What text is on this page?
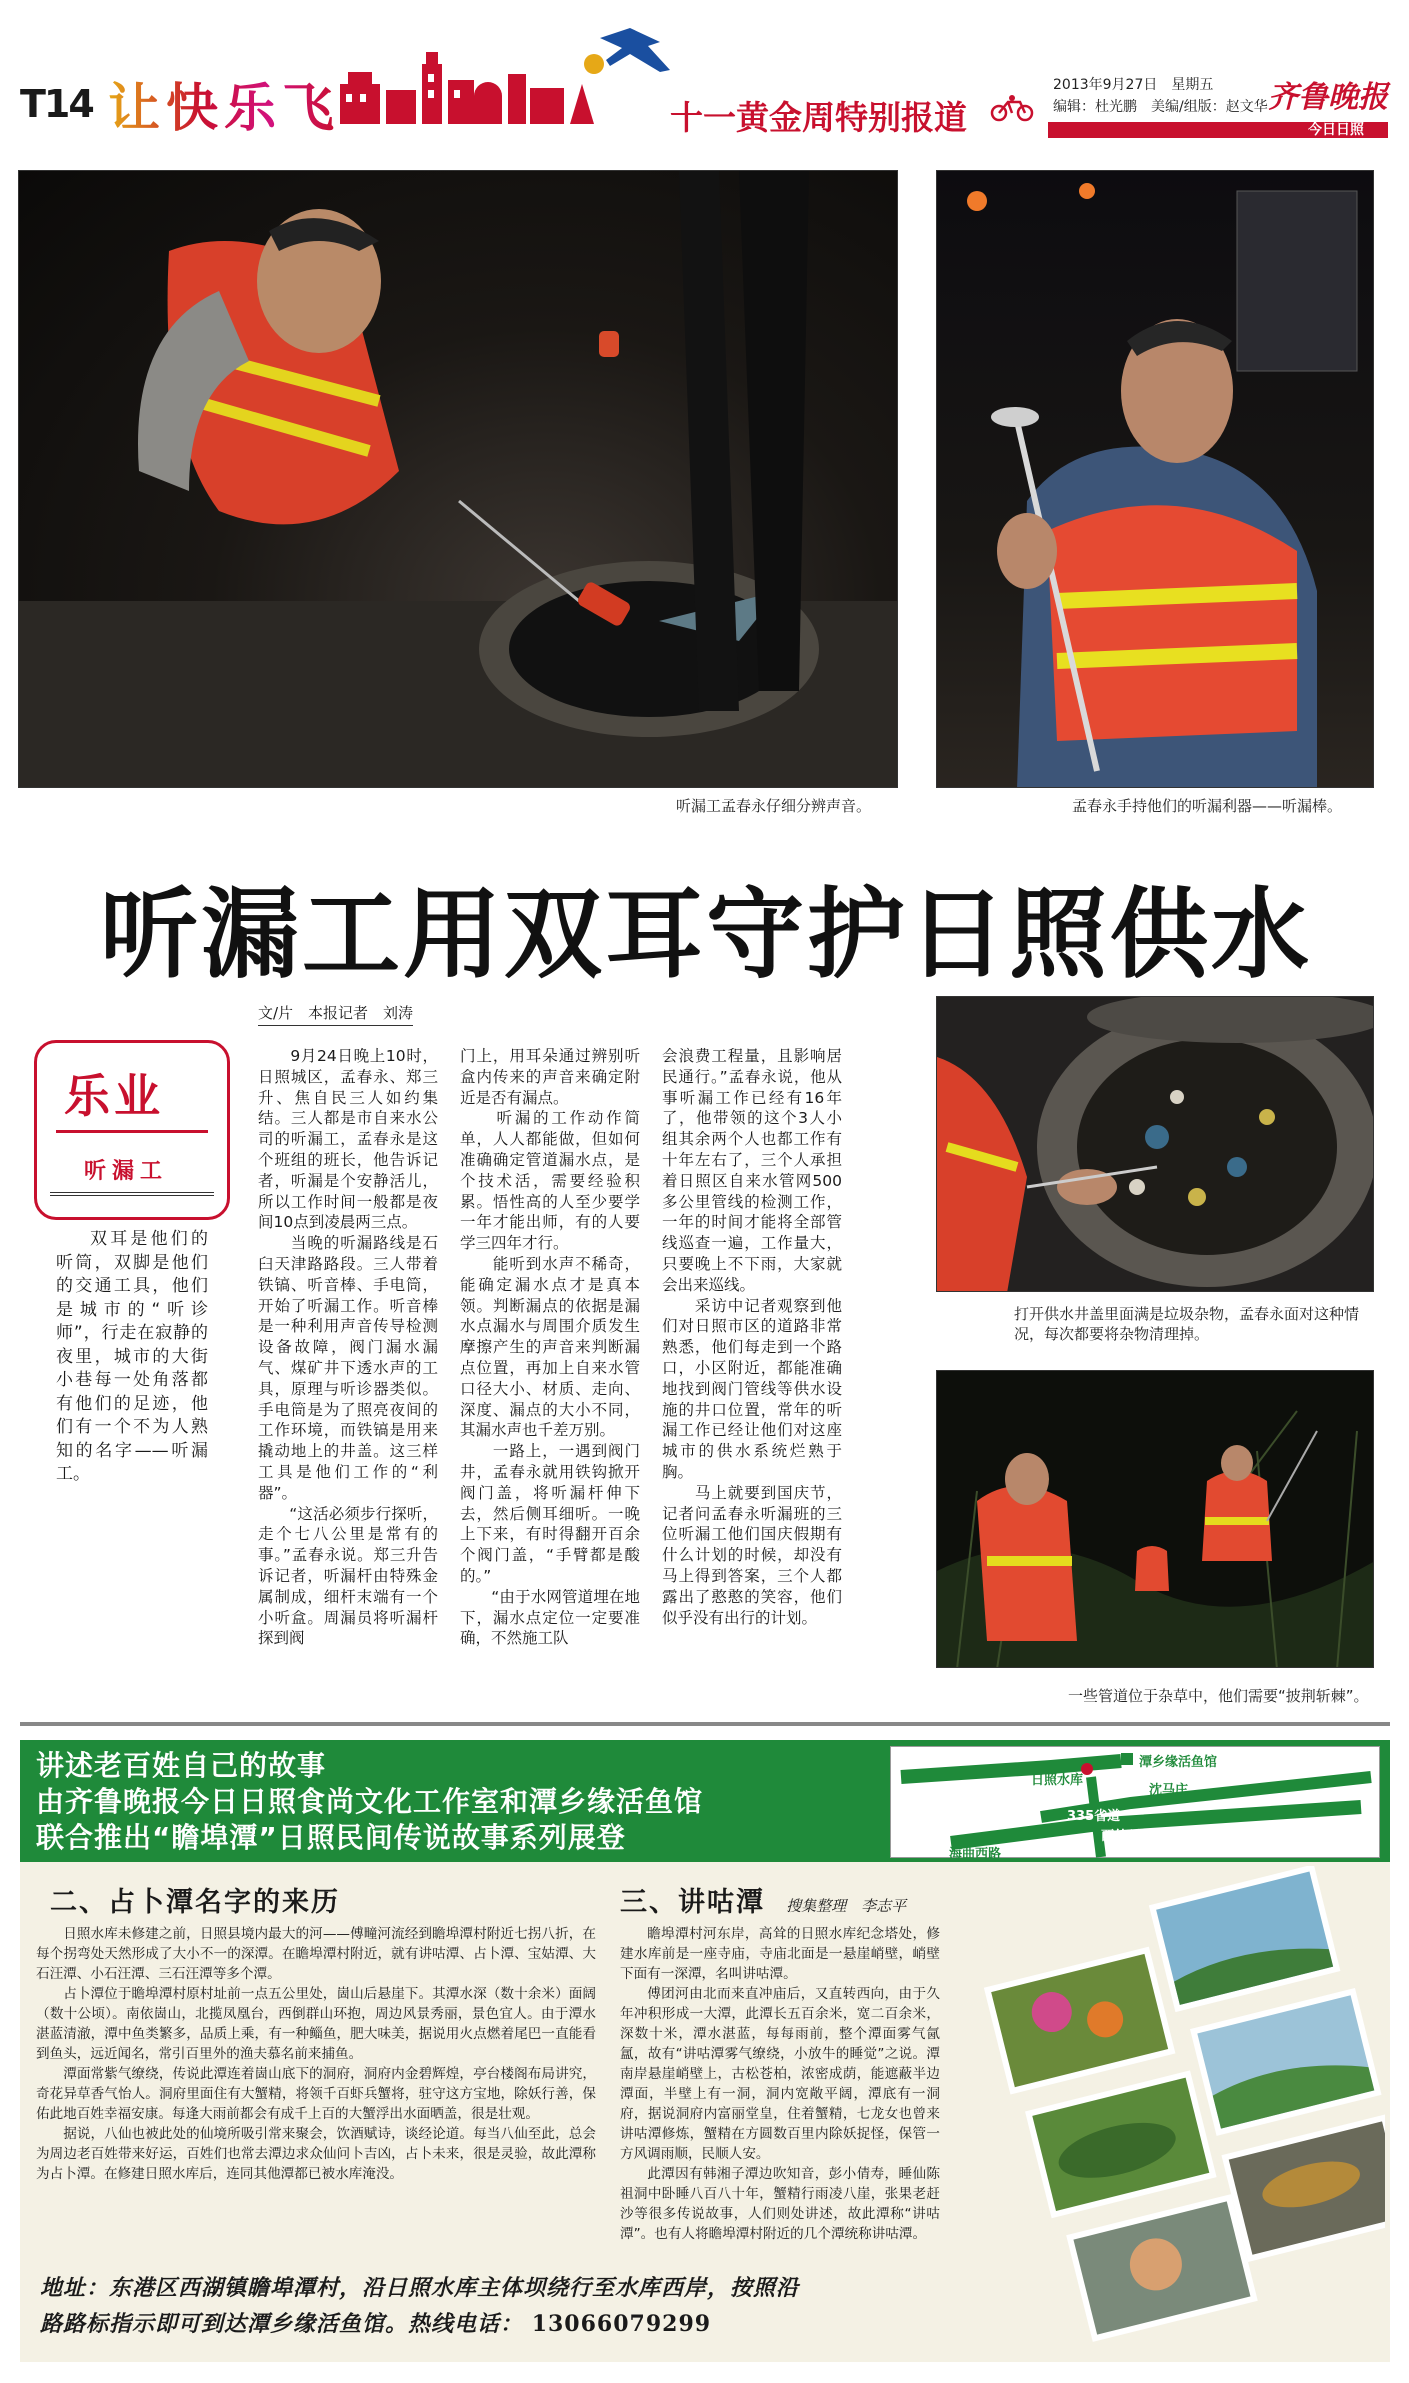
T14 让快乐飞	十一黄金周特别报道
2013年9月27日　星期五
编辑：杜光鹏　美编/组版：赵文华 齐鲁晚报
今日日照
听漏工孟春永仔细分辨声音。	孟春永手持他们的听漏利器——听漏棒。
听漏工用双耳守护日照供水
文/片　本报记者　刘涛
乐业
听漏工
双耳是他们的听筒，双脚是他们的交通工具，他们是城市的“听诊师”，行走在寂静的夜里，城市的大街小巷每一处角落都有他们的足迹，他们有一个不为人熟知的名字——听漏工。
　　9月24日晚上10时，日照城区，孟春永、郑三升、焦自民三人如约集结。三人都是市自来水公司的听漏工，孟春永是这个班组的班长，他告诉记者，听漏是个安静活儿，所以工作时间一般都是夜间10点到凌晨两三点。
　　当晚的听漏路线是石臼天津路路段。三人带着铁镐、听音棒、手电筒，开始了听漏工作。听音棒是一种利用声音传导检测设备故障，阀门漏水漏气、煤矿井下透水声的工具，原理与听诊器类似。手电筒是为了照亮夜间的工作环境，而铁镐是用来撬动地上的井盖。这三样工具是他们工作的“利器”。
　　“这活必须步行探听，走个七八公里是常有的事。”孟春永说。郑三升告诉记者，听漏杆由特殊金属制成，细杆末端有一个小听盒。周漏员将听漏杆探到阀
门上，用耳朵通过辨别听盒内传来的声音来确定附近是否有漏点。
　　听漏的工作动作简单，人人都能做，但如何准确确定管道漏水点，是个技术活，需要经验积累。悟性高的人至少要学一年才能出师，有的人要学三四年才行。
　　能听到水声不稀奇，能确定漏水点才是真本领。判断漏点的依据是漏水点漏水与周围介质发生摩擦产生的声音来判断漏点位置，再加上自来水管口径大小、材质、走向、深度、漏点的大小不同，其漏水声也千差万别。
　　一路上，一遇到阀门井，孟春永就用铁钩掀开阀门盖，将听漏杆伸下去，然后侧耳细听。一晚上下来，有时得翻开百余个阀门盖，“手臂都是酸的。”
　　“由于水网管道埋在地下，漏水点定位一定要准确，不然施工队
会浪费工程量，且影响居民通行。”孟春永说，他从事听漏工作已经有16年了，他带领的这个3人小组其余两个人也都工作有十年左右了，三个人承担着日照区自来水管网500多公里管线的检测工作，一年的时间才能将全部管线巡查一遍，工作量大，只要晚上不下雨，大家就会出来巡线。
　　采访中记者观察到他们对日照市区的道路非常熟悉，他们每走到一个路口，小区附近，都能准确地找到阀门管线等供水设施的井口位置，常年的听漏工作已经让他们对这座城市的供水系统烂熟于胸。
　　马上就要到国庆节，记者问孟春永听漏班的三位听漏工他们国庆假期有什么计划的时候，却没有马上得到答案，三个人都露出了憨憨的笑容，他们似乎没有出行的计划。
打开供水井盖里面满是垃圾杂物，孟春永面对这种情况，每次都要将杂物清理掉。
一些管道位于杂草中，他们需要“披荆斩棘”。
讲述老百姓自己的故事
由齐鲁晚报今日日照食尚文化工作室和潭乡缘活鱼馆
联合推出“瞻埠潭”日照民间传说故事系列展登
日照水库
潭乡缘活鱼馆
沈马庄
335省道
西外环路
海曲西路
二、占卜潭名字的来历

日照水库未修建之前，日照县境内最大的河——傅疃河流经到瞻埠潭村附近七拐八折，在每个拐弯处天然形成了大小不一的深潭。在瞻埠潭村附近，就有讲咕潭、占卜潭、宝姑潭、大石汪潭、小石汪潭、三石汪潭等多个潭。

占卜潭位于瞻埠潭村原村址前一点五公里处，崮山后悬崖下。其潭水深（数十余米）面阔（数十公顷）。南依崮山，北揽凤凰台，西倒群山环抱，周边风景秀丽，景色宜人。由于潭水湛蓝清澈，潭中鱼类繁多，品质上乘，有一种鲻鱼，肥大味美，据说用火点燃着尾巴一直能看到鱼头，远近闻名，常引百里外的渔夫慕名前来捕鱼。

潭面常紫气缭绕，传说此潭连着崮山底下的洞府，洞府内金碧辉煌，亭台楼阁布局讲究，奇花异草香气怡人。洞府里面住有大蟹精，将领千百虾兵蟹将，驻守这方宝地，除妖行善，保佑此地百姓幸福安康。每逢大雨前都会有成千上百的大蟹浮出水面晒盖，很是壮观。

据说，八仙也被此处的仙境所吸引常来聚会，饮酒赋诗，谈经论道。每当八仙至此，总会为周边老百姓带来好运，百姓们也常去潭边求众仙问卜吉凶，占卜未来，很是灵验，故此潭称为占卜潭。在修建日照水库后，连同其他潭都已被水库淹没。

三、讲咕潭 搜集整理　李志平

瞻埠潭村河东岸，高耸的日照水库纪念塔处，修建水库前是一座寺庙，寺庙北面是一悬崖峭壁，峭壁下面有一深潭，名叫讲咕潭。

傅团河由北而来直冲庙后，又直转西向，由于久年冲积形成一大潭，此潭长五百余米，宽二百余米，深数十米，潭水湛蓝，每每雨前，整个潭面雾气氤氲，故有“讲咕潭雾气缭绕，小放牛的睡觉”之说。潭南岸悬崖峭壁上，古松苍柏，浓密成荫，能遮蔽半边潭面，半壁上有一洞，洞内宽敞平阔，潭底有一洞府，据说洞府内富丽堂皇，住着蟹精，七龙女也曾来讲咕潭修炼，蟹精在方圆数百里内除妖捉怪，保管一方风调雨顺，民顺人安。

此潭因有韩湘子潭边吹知音，彭小倩寿，睡仙陈祖洞中卧睡八百八十年，蟹精行雨凌八崖，张果老赶沙等很多传说故事，人们则处讲述，故此潭称“讲咕潭”。也有人将瞻埠潭村附近的几个潭统称讲咕潭。

地址：东港区西湖镇瞻埠潭村，沿日照水库主体坝绕行至水库西岸，按照沿
路路标指示即可到达潭乡缘活鱼馆。热线电话： 13066079299
